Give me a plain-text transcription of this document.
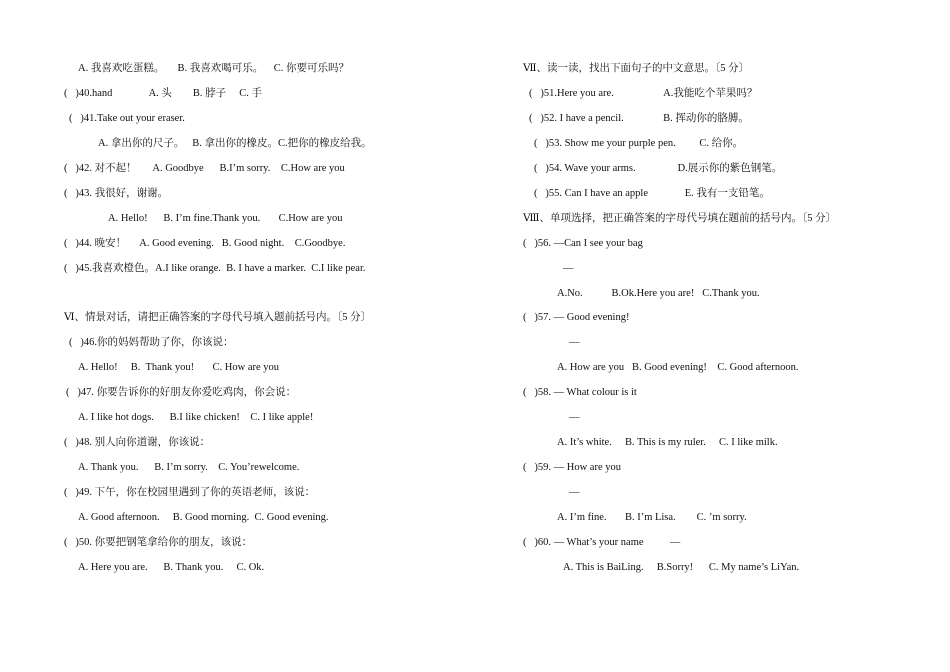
A. 我喜欢吃蛋糕。     B. 我喜欢喝可乐。    C. 你要可乐吗？
(   )40.hand              A. 头        B. 脖子     C. 手
(   )41.Take out your eraser.
A. 拿出你的尺子。   B. 拿出你的橡皮。C.把你的橡皮给我。
(   )42. 对不起！      A. Goodbye      B.I’m sorry.    C.How are you
(   )43. 我很好，谢谢。
A. Hello!      B. I’m fine.Thank you.       C.How are you
(   )44. 晚安！     A. Good evening.   B. Good night.    C.Goodbye.
(   )45.我喜欢橙色。A.I like orange.  B. I have a marker.  C.I like pear.
Ⅵ、情景对话，请把正确答案的字母代号填入题前括号内。〔5 分〕
(   )46.你的妈妈帮助了你，你该说：
A. Hello!     B.  Thank you!       C. How are you
(   )47. 你要告诉你的好朋友你爱吃鸡肉，你会说：
A. I like hot dogs.      B.I like chicken!    C. I like apple!
(   )48. 别人向你道谢，你该说：
A. Thank you.      B. I’m sorry.    C. You’rewelcome.
(   )49. 下午，你在校园里遇到了你的英语老师，该说：
A. Good afternoon.     B. Good morning.  C. Good evening.
(   )50. 你要把钢笔拿给你的朋友，该说：
A. Here you are.      B. Thank you.     C. Ok.
Ⅶ、读一读，找出下面句子的中文意思。〔5 分〕
(   )51.Here you are.                   A.我能吃个苹果吗？
(   )52. I have a pencil.               B. 挥动你的胳膊。
(   )53. Show me your purple pen.         C. 给你。
(   )54. Wave your arms.                D.展示你的紫色钢笔。
(   )55. Can I have an apple              E. 我有一支铅笔。
Ⅷ、单项选择，把正确答案的字母代号填在题前的括号内。〔5 分〕
(   )56. —Can I see your bag
—
A.No.           B.Ok.Here you are!   C.Thank you.
(   )57. — Good evening!
—
A. How are you   B. Good evening!    C. Good afternoon.
(   )58. — What colour is it
—
A. It’s white.     B. This is my ruler.     C. I like milk.
(   )59. — How are you
—
A. I’m fine.       B. I’m Lisa.        C. ’m sorry.
(   )60. — What’s your name          —
A. This is BaiLing.     B.Sorry!      C. My name’s LiYan.
